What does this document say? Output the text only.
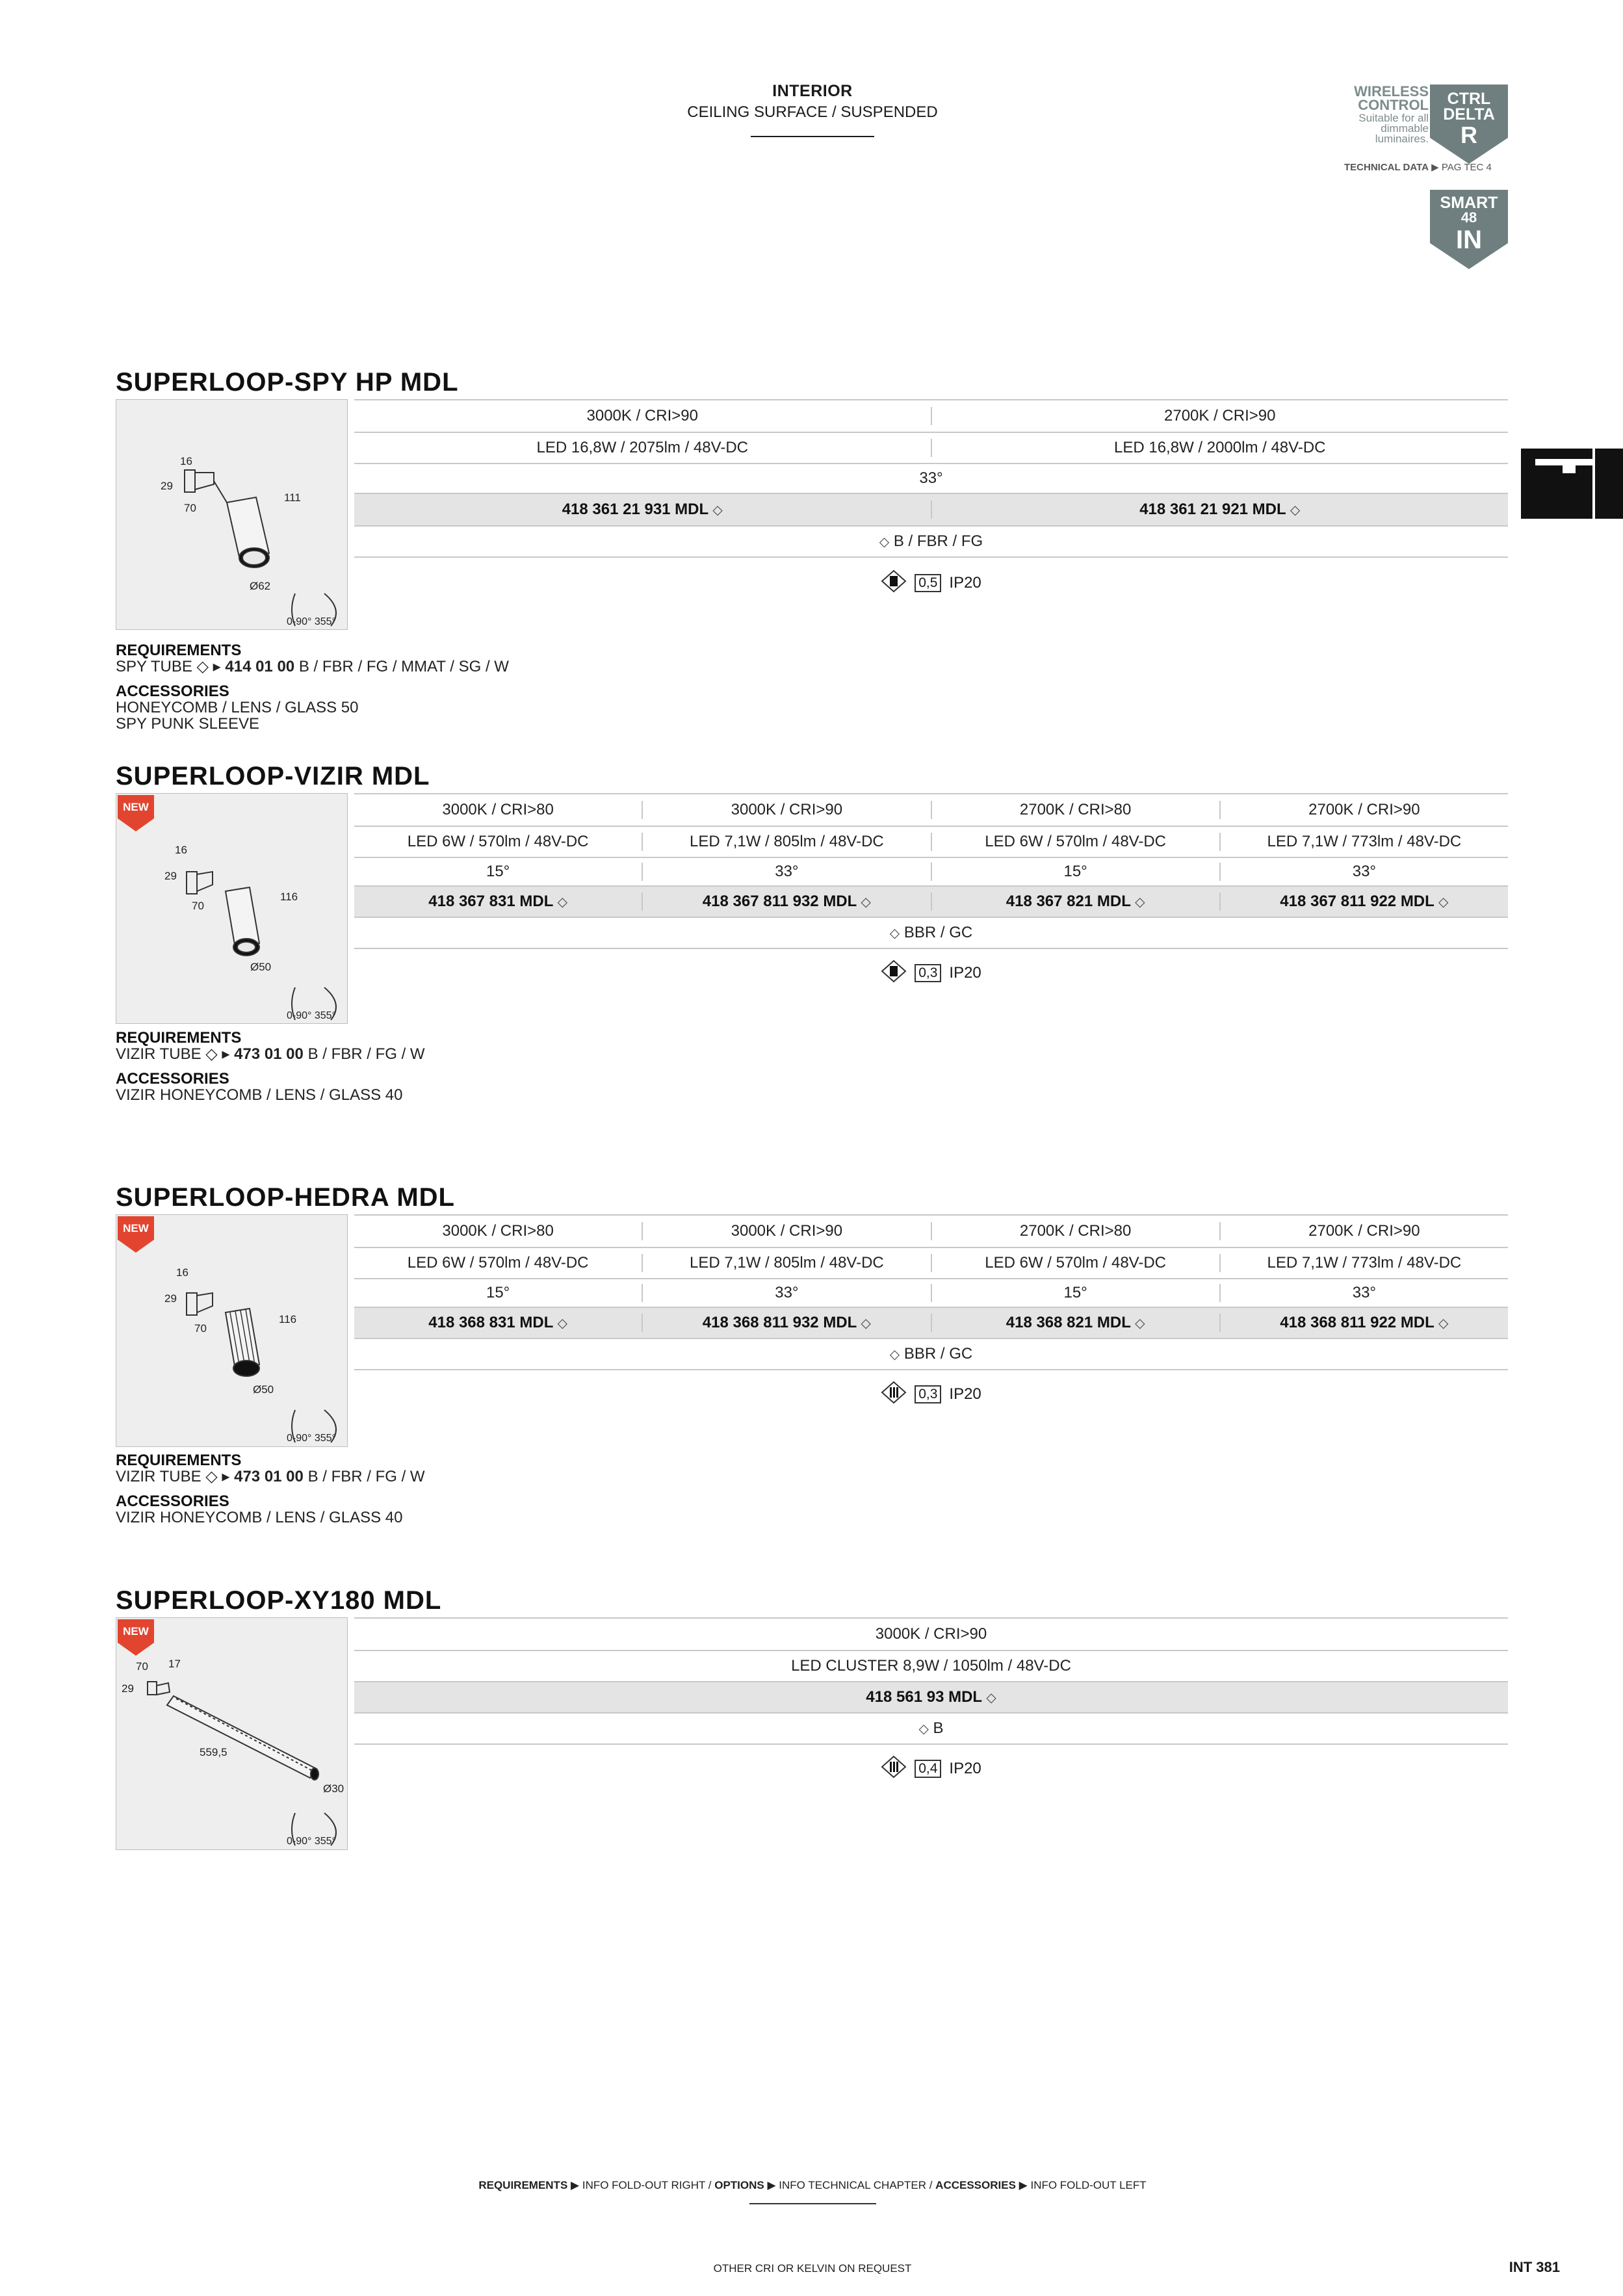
INTERIOR
CEILING SURFACE / SUSPENDED
WIRELESS CONTROL
Suitable for all dimmable luminaires.
CTRL
DELTA
R
TECHNICAL DATA ▶ PAG TEC 4
SMART
48
IN
SUPERLOOP-SPY HP MDL
16
29
70
111
Ø62
0-90° 355°
3000K / CRI>90	2700K / CRI>90
LED 16,8W / 2075lm / 48V-DC	LED 16,8W / 2000lm / 48V-DC
33°
418 361 21 931 MDL ◇	418 361 21 921 MDL ◇
◇ B / FBR / FG
0,5 IP20
REQUIREMENTS
SPY TUBE ◇ ▸ 414 01 00 B / FBR / FG / MMAT / SG / W
ACCESSORIES
HONEYCOMB / LENS / GLASS 50
SPY PUNK SLEEVE
SUPERLOOP-VIZIR MDL
16
29
70
116
Ø50
0-90° 355°
NEW	3000K / CRI>80	3000K / CRI>90	2700K / CRI>80	2700K / CRI>90
LED 6W / 570lm / 48V-DC	LED 7,1W / 805lm / 48V-DC	LED 6W / 570lm / 48V-DC	LED 7,1W / 773lm / 48V-DC
15°	33°	15°	33°
418 367 831 MDL ◇	418 367 811 932 MDL ◇	418 367 821 MDL ◇	418 367 811 922 MDL ◇
◇ BBR / GC
0,3 IP20
REQUIREMENTS
VIZIR TUBE ◇ ▸ 473 01 00 B / FBR / FG / W
ACCESSORIES
VIZIR HONEYCOMB / LENS / GLASS 40
SUPERLOOP-HEDRA MDL
16
29
70
116
Ø50
0-90° 355°
NEW	3000K / CRI>80	3000K / CRI>90	2700K / CRI>80	2700K / CRI>90
LED 6W / 570lm / 48V-DC	LED 7,1W / 805lm / 48V-DC	LED 6W / 570lm / 48V-DC	LED 7,1W / 773lm / 48V-DC
15°	33°	15°	33°
418 368 831 MDL ◇	418 368 811 932 MDL ◇	418 368 821 MDL ◇	418 368 811 922 MDL ◇
◇ BBR / GC
0,3 IP20
REQUIREMENTS
VIZIR TUBE ◇ ▸ 473 01 00 B / FBR / FG / W
ACCESSORIES
VIZIR HONEYCOMB / LENS / GLASS 40
SUPERLOOP-XY180 MDL
70 17
29
559,5
Ø30
0-90° 355°
NEW	3000K / CRI>90
LED CLUSTER 8,9W / 1050lm / 48V-DC
418 561 93 MDL ◇
◇ B
0,4 IP20
REQUIREMENTS ▶ INFO FOLD-OUT RIGHT / OPTIONS ▶ INFO TECHNICAL CHAPTER / ACCESSORIES ▶ INFO FOLD-OUT LEFT
OTHER CRI OR KELVIN ON REQUEST	INT 381
